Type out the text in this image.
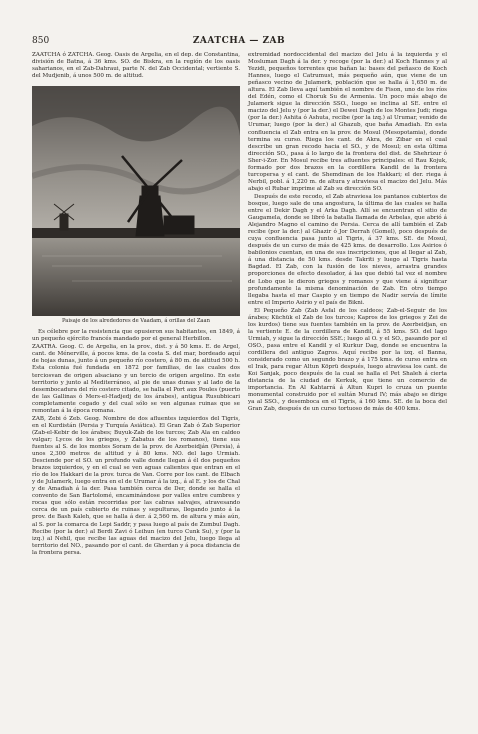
850	ZAATCHA — ZAB

ZAATCHA ó ZATCHA. Geog. Oasis de Argelia, en el dep. de Constantina, división de Batna, á 36 kms. SO. de Biskra, en la región de los oasis saharianos, en el Zab-Dahraui, parte N. del Zab Occidental; vertiente S. del Mudjenib, á unos 500 m. de altitud.

Paisaje de los alrededores de Vaadam, á orillas del Zaan

Es célebre por la resistencia que opusieron sus habitantes, en 1849, á un pequeño ejército francés mandado por el general Herbillon.

ZAATRA. Geog. C. de Argelia, en la prov., dist. y á 50 kms. E. de Argel, cant. de Ménerville, á pocos kms. de la costa S. del mar, bordeado aquí de hojas dunas, junto á un pequeño río costero, á 80 m. de altitud 500 h. Esta colonia fué fundada en 1872 por familias, de las cuales dos terciosvan de origen alsaciano y un tercio de origen argelino. En este territorio y junto al Mediterráneo, al pie de unas dunas y al lado de la desembocadura del río costero citado, se halla el Port aux Poules (puerto de las Gallinas ó Mers-el-Hadjedj de los árabes), antigua Rusubbicari completamente cegado y del cual sólo se ven algunas ruinas que se remontan á la época romana.

ZAB, Zebi ó Zeb. Geog. Nombre de dos afluentes izquierdos del Tigris, en el Kurdistán (Persia y Turquía Asiática). El Gran Zab ó Zab Superior (Zab-el-Kebir de los árabes; Buyuk-Zab de los turcos; Zab Ala en caldeo vulgar; Lycos de los griegos, y Zabatus de los romanos), tiene sus fuentes al S. de los montes Soram de la prov. de Azerbeidján (Persia), á unos 2,300 metros de altitud y á 80 kms. NO. del lago Urmiah. Desciende por el SO. un profundo valle donde llegan á él dos pequeños brazos izquierdos, y en el cual se ven aguas calientes que entran en el río de los Hakkari de la prov. turca de Van. Corre por los cant. de Elbach y de Julamerk, luego entra en el de Urumar á la izq., á al E. y los de Chal y de Amadiah á la der. Pasa también cerca de Der, donde se halla el convento de San Bartolomé, encaminándose por valles entre cumbres y rocas que sólo están recorridas por las cabras salvajes, atravesando cerca de un país cubierto de ruinas y sepulturas, llegando junto á la prov. de Bash Kaleh, que se halla á der. á 2,560 m. de altura y más aún, al S. por la comarca de Lepi Saddr, y pasa luego al país de Zumbul Dagh. Recibe (por la der.) al Berdi Zavi ó Leihun (en turco Cunk Su), y (por la izq.) al Nehil, que recibe las aguas del macizo del Jelu, luego llega al territorio del NO., pasando por el cant. de Gherdan y á poca distancia de la frontera persa.

extremidad nordoccidental del macizo del Jelu á la izquierda y el Mosluman Dagh á la der. y recoge (por la der.) al Koch Hannes y al Yezidi, pequeños torrentes que bañan la: bases del peñasco de Koch Hannes, luego el Catrumust, más pequeño aún, que viene de un peñasco vecino de Julamerk, población que se halla á 1,650 m. de altura. El Zab lleva aquí también el nombre de Fison, uno de los ríos del Edén, como el Choruk Su de Armenia. Un poco más abajo de Julamerk sigue la dirección SSO., luego se inclina al SE. entre el macizo del Jelu y (por la der.) el Dewei Dagh de los Montes Judi; riega (por la der.) Ashita ó Ashuta, recibe (por la izq.) al Urumar, venido de Urumar, luego (por la der.) al Ghazub, que baña Amadiah. En esta confluencia el Zab entra en la prov. de Mosul (Mesopotamia), donde termina su curso. Riega los cant. de Akra, de Zibar en el cual describe un gran recodo hacia el SO., y de Mosul; en esta última dirección SO., pasa á lo largo de la frontera del dist. de Shehrizur ó Sher-i-Zor. En Mosul recibe tres afluentes principales: el Rau Kojuk, formado por dos brazos en la cordillera Kandil de la frontera turcopersa y el cant. de Shemdinan de los Hakkari; el der. riega á Nerbil, pobl. á 1,220 m. de altura y atraviesa el macizo del Jelu. Más abajo el Rubar imprime al Zab su dirección SO.

Después de este recodo, el Zab atraviesa los pantanos cubiertos de bosque, luego sale de una angostura, la última de las cuales se halla entre el Dekir Dagh y el Arka Dagh. Allí se encuentran el sitio de Gaugamela, donde se libró la batalla llamada de Arbelas, que abrió á Alejandro Magno el camino de Persia. Cerca de allí también el Zab recibe (por la der.) al Ghazir ó Jor Derrah (Gomel), poco después de cuya confluencia pasa junto al Tigris, á 37 kms. SE. de Mosul, después de un curso de más de 425 kms. de desarrollo. Los Asirios ó babilonios cuentan, en una de sus inscripciones, que al llegar al Zab, á una distancia de 50 kms. desde Takriti y luego al Tigris hasta Bagdad. El Zab, con la fusión de los nieves, arrastra grandes proporciones de efecto desolador, á las que debió tal vez el nombre de Lobo que le dieron griegos y romanos y que viene á significar profundamente la misma denominación de Zab. En otro tiempo llegaba hasta el mar Caspio y en tiempo de Nadir servía de límite entre el Imperio Asirio y el país de Bikni.

El Pequeño Zab (Zab Asfal de los caldeos; Zab-el-Seguir de los árabes; Küchük el Zab de los turcos; Kapros de los griegos y Zei de los kurdos) tiene sus fuentes también en la prov. de Azerbeidjan, en la vertiente E. de la cordillera de Kandil, á 55 kms. SO. del lago Urmiah, y sigue la dirección SSE.; luego al O. y el SO., pasando por el OSO., pasa entre el Kandil y el Kurkur Dag, donde se encuentra la cordillera del antiguo Zagros. Aquí recibe por la izq. el Banna, considerado como un segundo brazo y á 175 kms. de curso entra en el Irak, para regar Altun Köprü después, luego atraviesa los cant. de Koi Sanjak, poco después de la cual se halla el Pet Shaleh á cierta distancia de la ciudad de Kerkuk, que tiene un comercio de importancia. En Al Kahtarrá á Altun Kupri lo cruza un puente monumental construido por el sultán Murad IV; más abajo se dirige ya al SSO., y desemboca en el Tigris, á 160 kms. SE. de la boca del Gran Zab, después de un curso tortuoso de más de 400 kms.
